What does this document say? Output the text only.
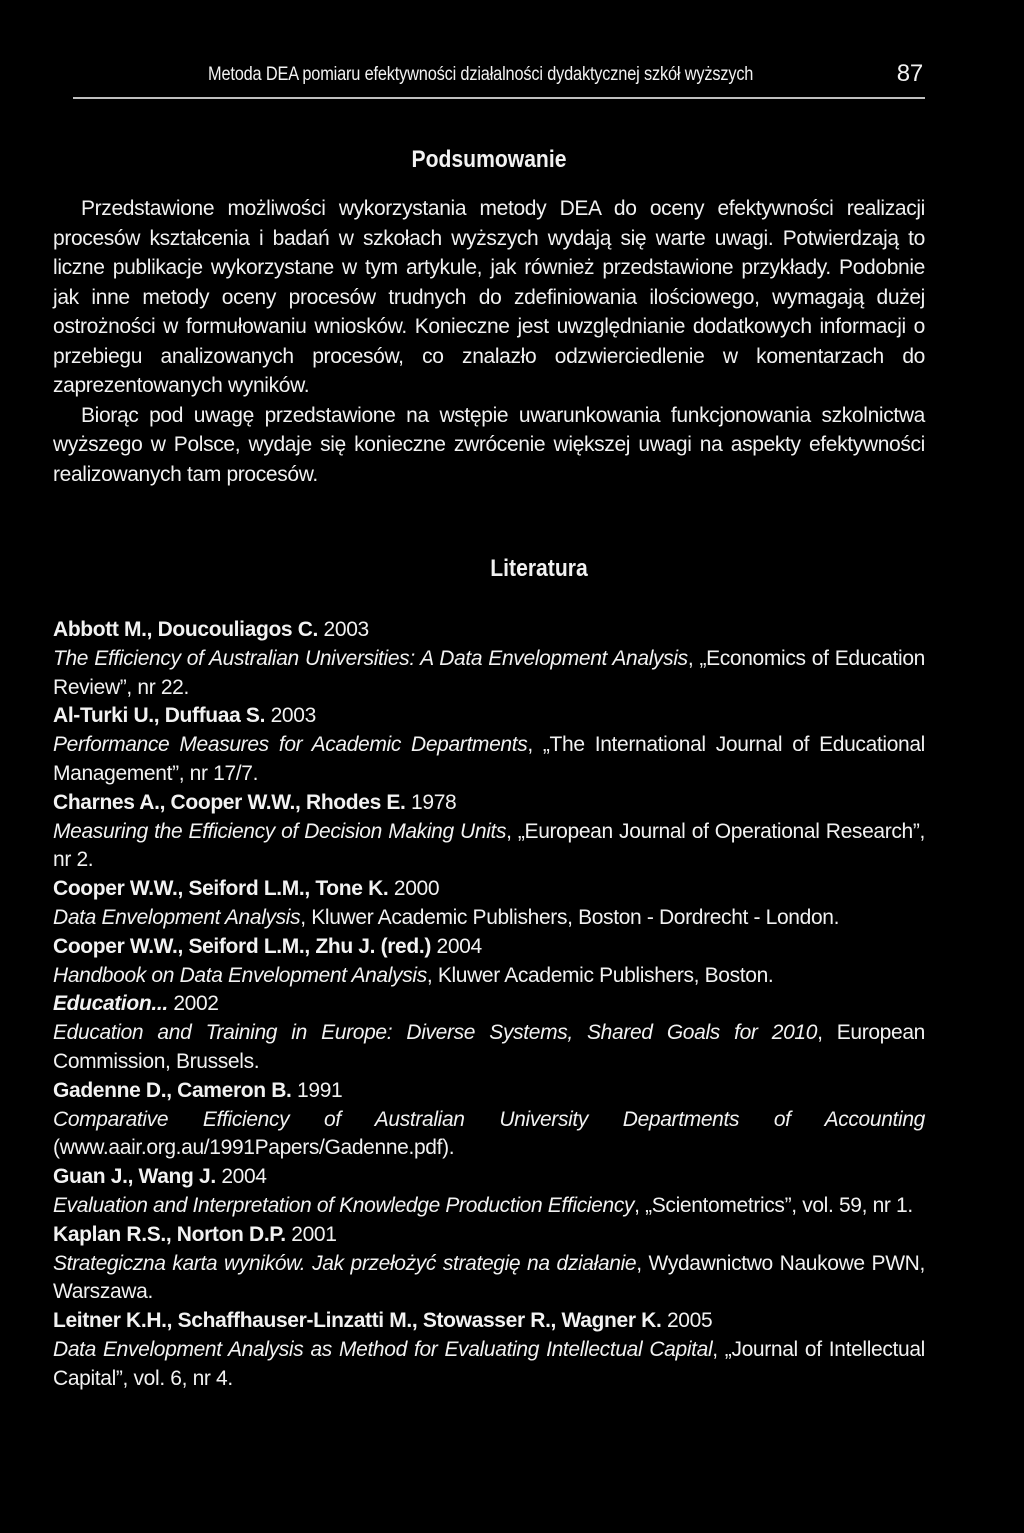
Metoda DEA pomiaru efektywności działalności dydaktycznej szkół wyższych	87
Podsumowanie

Przedstawione możliwości wykorzystania metody DEA do oceny efektywności realizacji procesów kształcenia i badań w szkołach wyższych wydają się warte uwagi. Potwierdzają to liczne publikacje wykorzystane w tym artykule, jak również przedstawione przykłady. Podobnie jak inne metody oceny procesów trudnych do zdefiniowania ilościowego, wymagają dużej ostrożności w formułowaniu wniosków. Konieczne jest uwzględnianie dodatkowych informacji o przebiegu analizowanych procesów, co znalazło odzwierciedlenie w komentarzach do zaprezentowanych wyników.

Biorąc pod uwagę przedstawione na wstępie uwarunkowania funkcjonowania szkolnictwa wyższego w Polsce, wydaje się konieczne zwrócenie większej uwagi na aspekty efektywności realizowanych tam procesów.

Literatura
Abbott M., Doucouliagos C. 2003
The Efficiency of Australian Universities: A Data Envelopment Analysis, „Economics of Education Review”, nr 22.
Al-Turki U., Duffuaa S. 2003
Performance Measures for Academic Departments, „The International Journal of Educational Management”, nr 17/7.
Charnes A., Cooper W.W., Rhodes E. 1978
Measuring the Efficiency of Decision Making Units, „European Journal of Operational Research”, nr 2.
Cooper W.W., Seiford L.M., Tone K. 2000
Data Envelopment Analysis, Kluwer Academic Publishers, Boston - Dordrecht - London.
Cooper W.W., Seiford L.M., Zhu J. (red.) 2004
Handbook on Data Envelopment Analysis, Kluwer Academic Publishers, Boston.
Education... 2002
Education and Training in Europe: Diverse Systems, Shared Goals for 2010, European Commission, Brussels.
Gadenne D., Cameron B. 1991
Comparative Efficiency of Australian University Departments of Accounting (www.aair.org.au/1991Papers/Gadenne.pdf).
Guan J., Wang J. 2004
Evaluation and Interpretation of Knowledge Production Efficiency, „Scientometrics”, vol. 59, nr 1.
Kaplan R.S., Norton D.P. 2001
Strategiczna karta wyników. Jak przełożyć strategię na działanie, Wydawnictwo Naukowe PWN, Warszawa.
Leitner K.H., Schaffhauser-Linzatti M., Stowasser R., Wagner K. 2005
Data Envelopment Analysis as Method for Evaluating Intellectual Capital, „Journal of Intellectual Capital”, vol. 6, nr 4.
